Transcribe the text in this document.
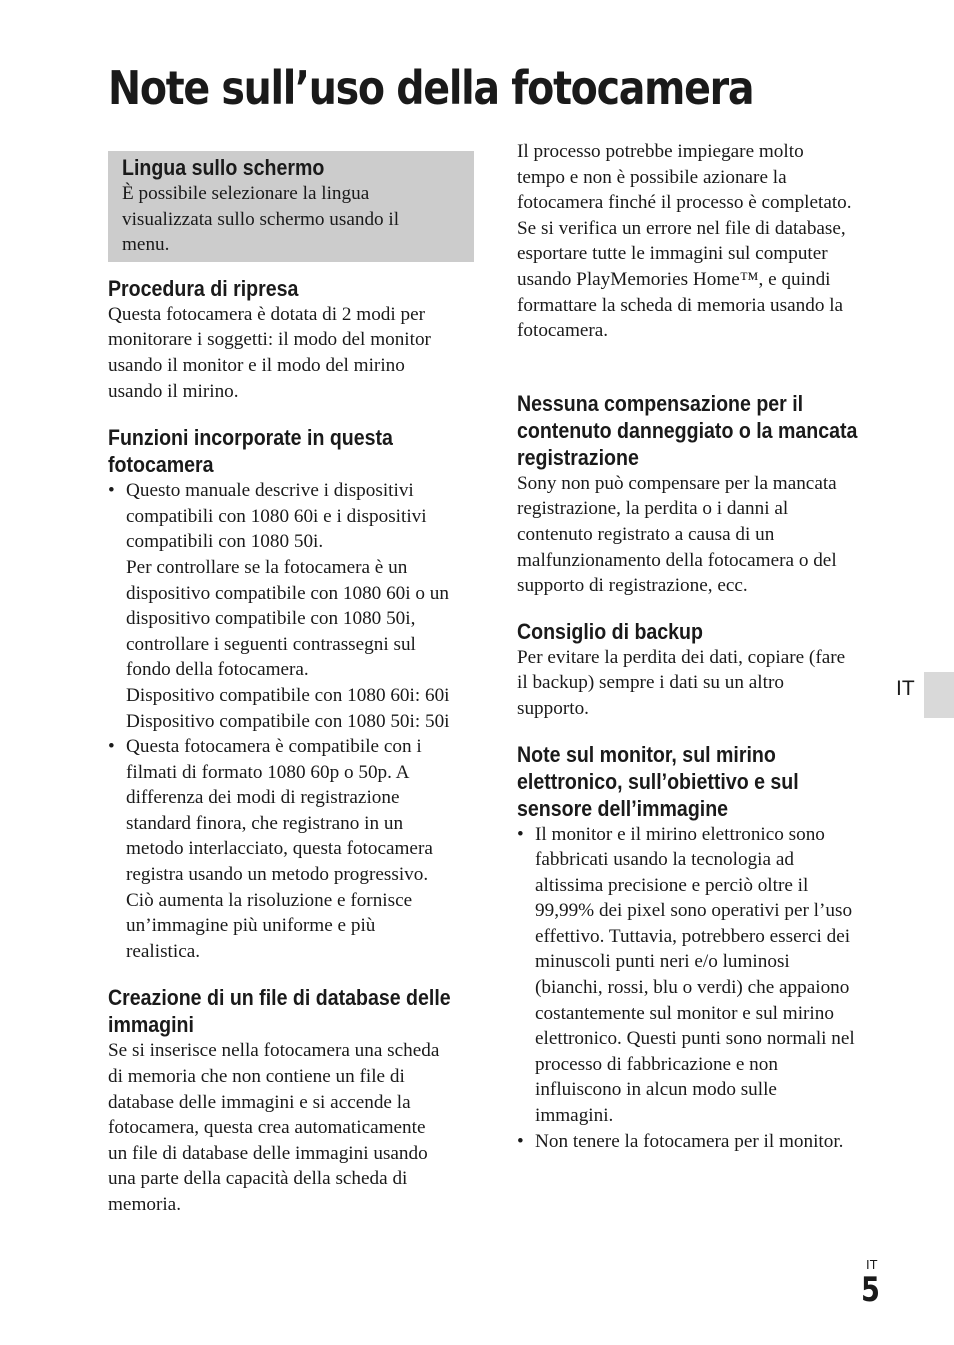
Note sull’uso della fotocamera
Lingua sullo schermo

È possibile selezionare la lingua
visualizzata sullo schermo usando il
menu.

Procedura di ripresa

Questa fotocamera è dotata di 2 modi per
monitorare i soggetti: il modo del monitor
usando il monitor e il modo del mirino
usando il mirino.

Funzioni incorporate in questa
fotocamera
• Questo manuale descrive i dispositivi
compatibili con 1080 60i e i dispositivi
compatibili con 1080 50i.
Per controllare se la fotocamera è un
dispositivo compatibile con 1080 60i o un
dispositivo compatibile con 1080 50i,
controllare i seguenti contrassegni sul
fondo della fotocamera.
Dispositivo compatibile con 1080 60i: 60i
Dispositivo compatibile con 1080 50i: 50i

• Questa fotocamera è compatibile con i
filmati di formato 1080 60p o 50p. A
differenza dei modi di registrazione
standard finora, che registrano in un
metodo interlacciato, questa fotocamera
registra usando un metodo progressivo.
Ciò aumenta la risoluzione e fornisce
un’immagine più uniforme e più
realistica.

Creazione di un file di database delle
immagini

Se si inserisce nella fotocamera una scheda
di memoria che non contiene un file di
database delle immagini e si accende la
fotocamera, questa crea automaticamente
un file di database delle immagini usando
una parte della capacità della scheda di
memoria.

Il processo potrebbe impiegare molto
tempo e non è possibile azionare la
fotocamera finché il processo è completato.
Se si verifica un errore nel file di database,
esportare tutte le immagini sul computer
usando PlayMemories Home™, e quindi
formattare la scheda di memoria usando la
fotocamera.

Nessuna compensazione per il
contenuto danneggiato o la mancata
registrazione

Sony non può compensare per la mancata
registrazione, la perdita o i danni al
contenuto registrato a causa di un
malfunzionamento della fotocamera o del
supporto di registrazione, ecc.

Consiglio di backup

Per evitare la perdita dei dati, copiare (fare
il backup) sempre i dati su un altro
supporto.

Note sul monitor, sul mirino
elettronico, sull’obiettivo e sul
sensore dell’immagine
• Il monitor e il mirino elettronico sono
fabbricati usando la tecnologia ad
altissima precisione e perciò oltre il
99,99% dei pixel sono operativi per l’uso
effettivo. Tuttavia, potrebbero esserci dei
minuscoli punti neri e/o luminosi
(bianchi, rossi, blu o verdi) che appaiono
costantemente sul monitor e sul mirino
elettronico. Questi punti sono normali nel
processo di fabbricazione e non
influiscono in alcun modo sulle
immagini.

• Non tenere la fotocamera per il monitor.

IT
IT
5
